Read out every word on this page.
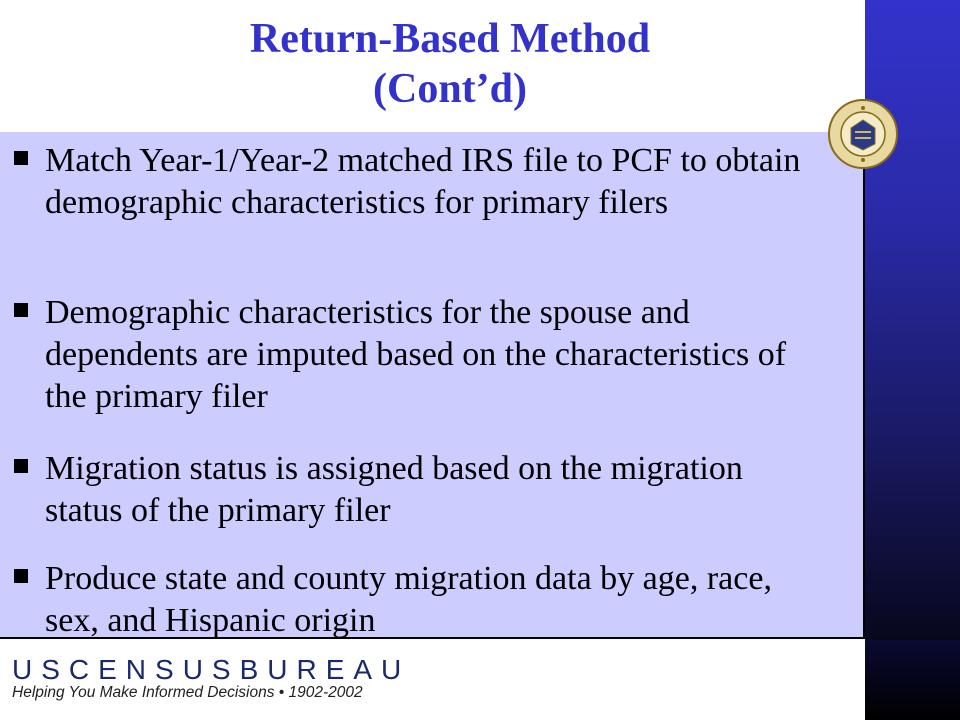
Return-Based Method
(Cont’d)
Match Year-1/Year-2 matched IRS file to PCF to obtain demographic characteristics for primary filers
Demographic characteristics for the spouse and dependents are imputed based on the characteristics of the primary filer
Migration status is assigned based on the migration status of the primary filer
Produce state and county migration data by age, race, sex, and Hispanic origin
USCENSUSBUREAU
Helping You Make Informed Decisions • 1902-2002
